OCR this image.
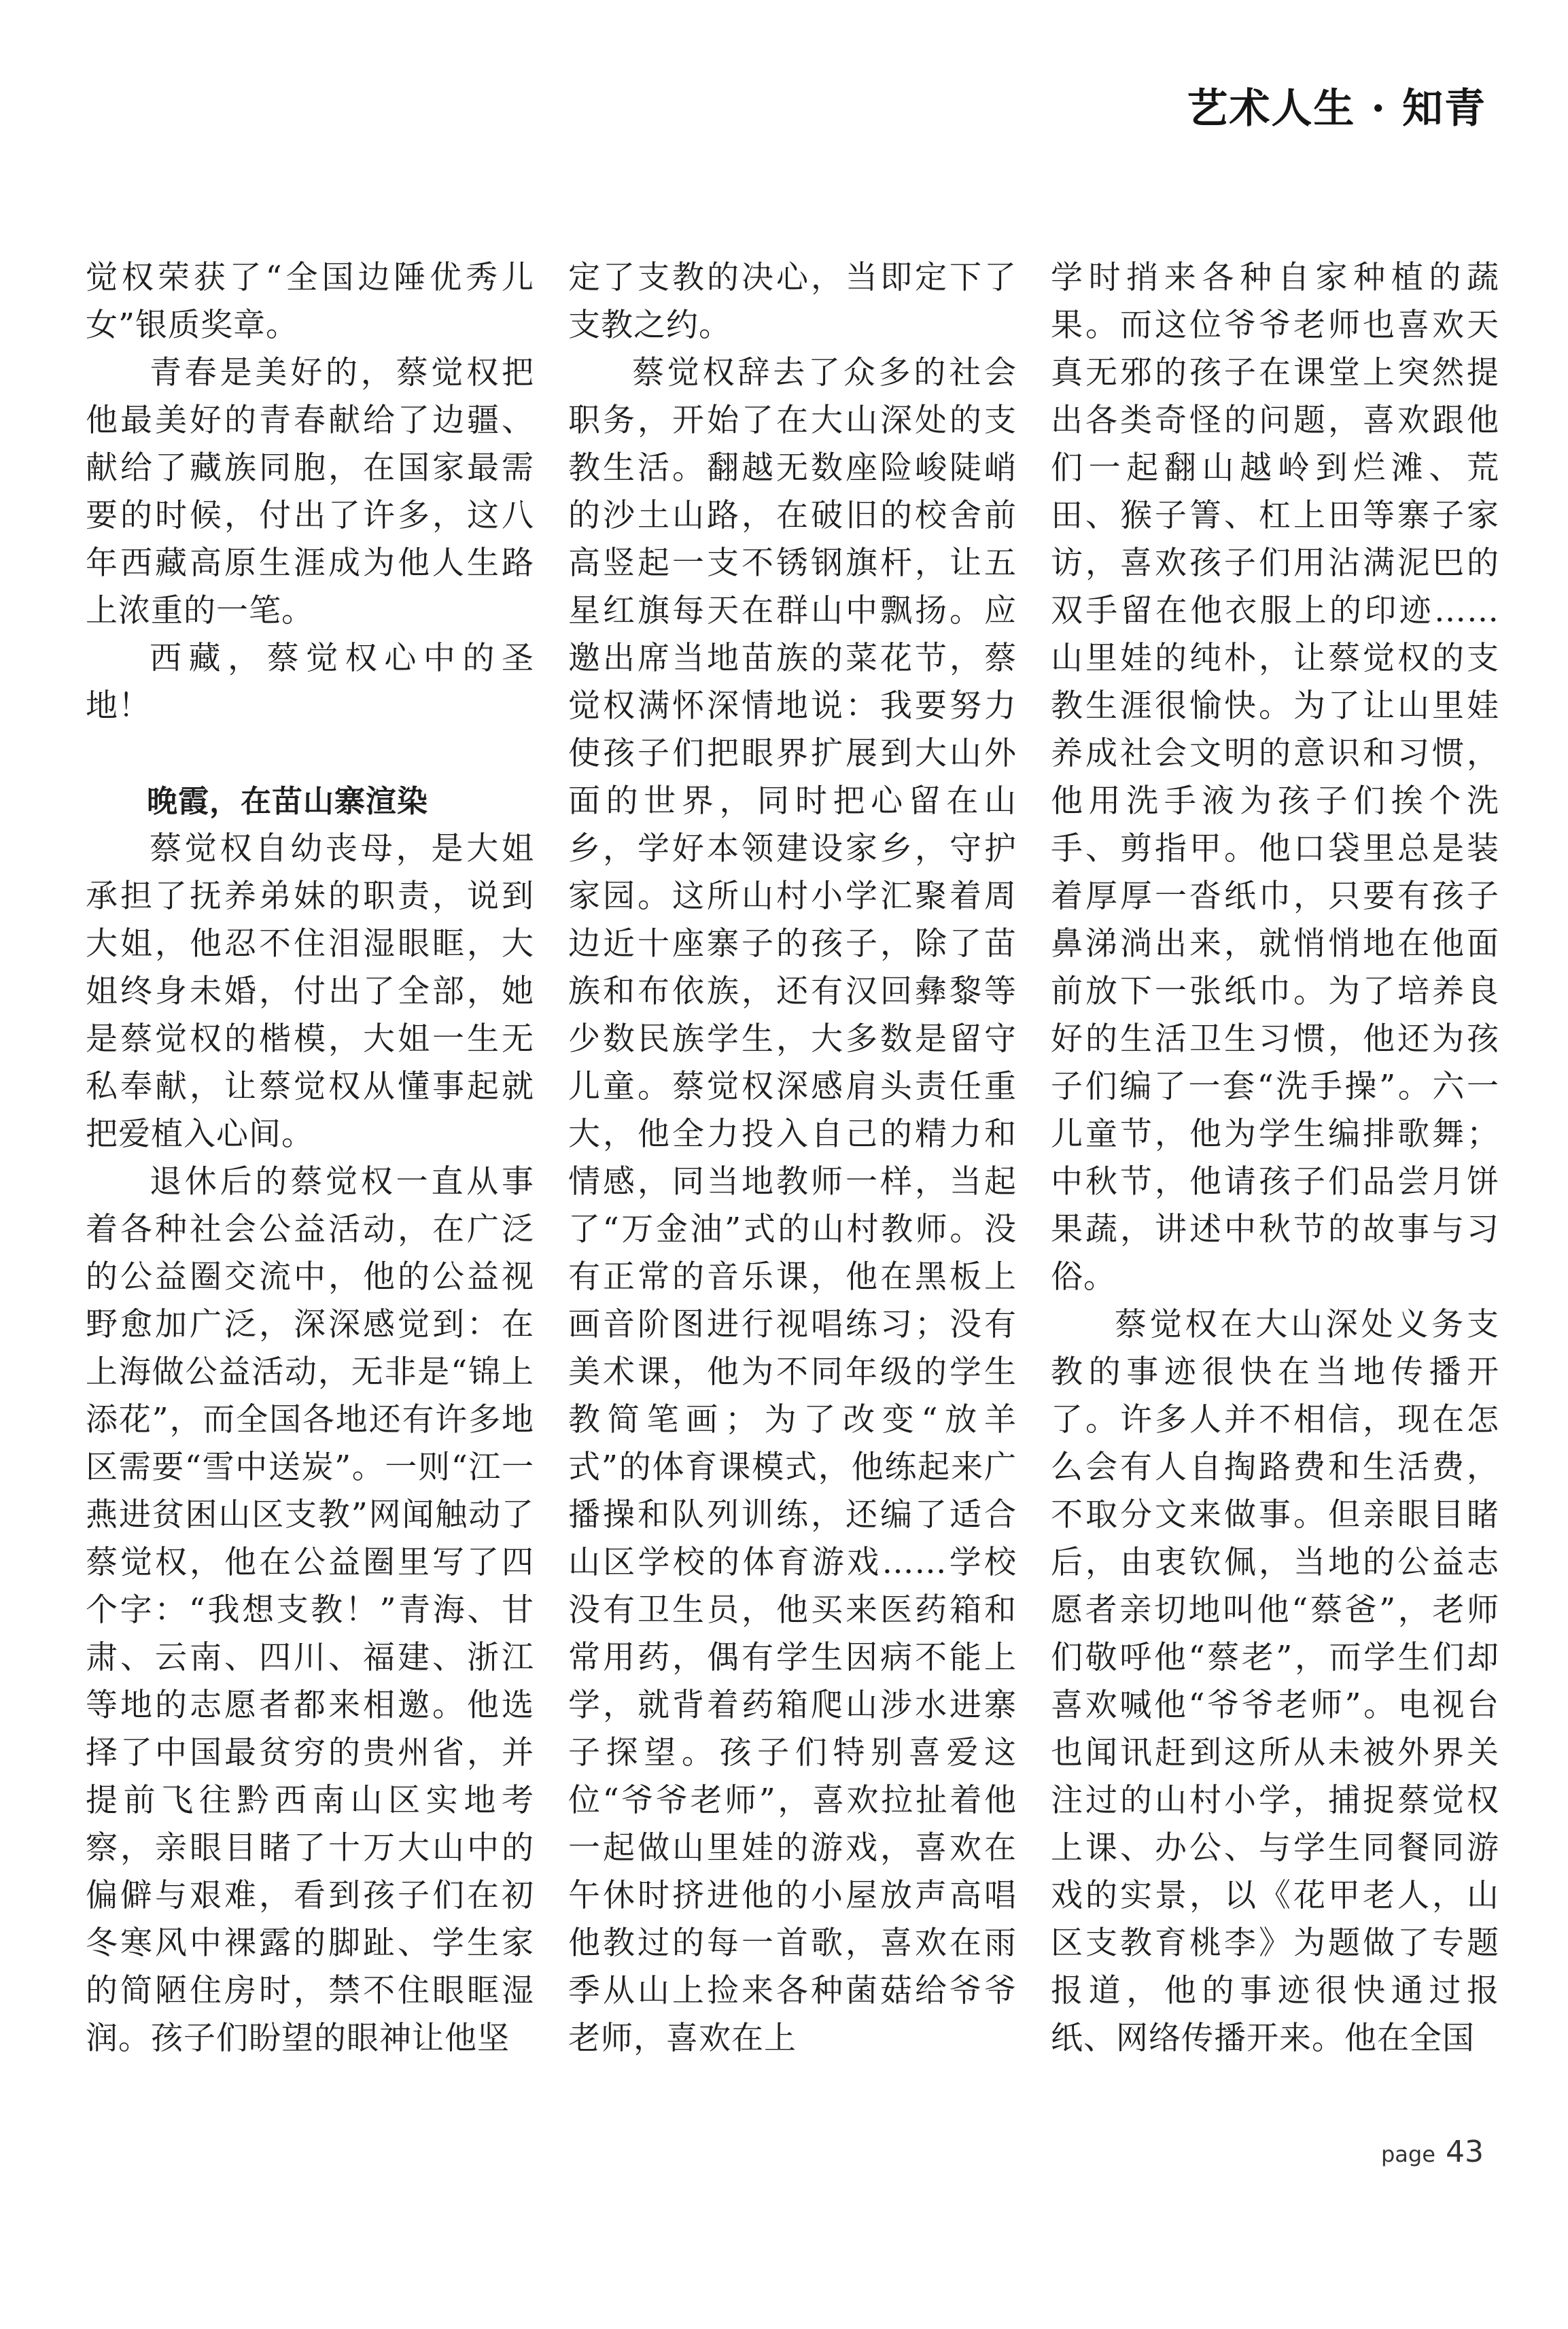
艺术人生 · 知青

觉权荣获了“全国边陲优秀儿女”银质奖章。

青春是美好的，蔡觉权把他最美好的青春献给了边疆、献给了藏族同胞，在国家最需要的时候，付出了许多，这八年西藏高原生涯成为他人生路上浓重的一笔。

西藏，蔡觉权心中的圣地！

晚霞，在苗山寨渲染

蔡觉权自幼丧母，是大姐承担了抚养弟妹的职责，说到大姐，他忍不住泪湿眼眶，大姐终身未婚，付出了全部，她是蔡觉权的楷模，大姐一生无私奉献，让蔡觉权从懂事起就把爱植入心间。

退休后的蔡觉权一直从事着各种社会公益活动，在广泛的公益圈交流中，他的公益视野愈加广泛，深深感觉到：在上海做公益活动，无非是“锦上添花”，而全国各地还有许多地区需要“雪中送炭”。一则“江一燕进贫困山区支教”网闻触动了蔡觉权，他在公益圈里写了四个字：“我想支教！”青海、甘肃、云南、四川、福建、浙江等地的志愿者都来相邀。他选择了中国最贫穷的贵州省，并提前飞往黔西南山区实地考察，亲眼目睹了十万大山中的偏僻与艰难，看到孩子们在初冬寒风中裸露的脚趾、学生家的简陋住房时，禁不住眼眶湿润。孩子们盼望的眼神让他坚

定了支教的决心，当即定下了支教之约。

蔡觉权辞去了众多的社会职务，开始了在大山深处的支教生活。翻越无数座险峻陡峭的沙土山路，在破旧的校舍前高竖起一支不锈钢旗杆，让五星红旗每天在群山中飘扬。应邀出席当地苗族的菜花节，蔡觉权满怀深情地说：我要努力使孩子们把眼界扩展到大山外面的世界，同时把心留在山乡，学好本领建设家乡，守护家园。这所山村小学汇聚着周边近十座寨子的孩子，除了苗族和布依族，还有汉回彝黎等少数民族学生，大多数是留守儿童。蔡觉权深感肩头责任重大，他全力投入自己的精力和情感，同当地教师一样，当起了“万金油”式的山村教师。没有正常的音乐课，他在黑板上画音阶图进行视唱练习；没有美术课，他为不同年级的学生教简笔画；为了改变“放羊式”的体育课模式，他练起来广播操和队列训练，还编了适合山区学校的体育游戏……学校没有卫生员，他买来医药箱和常用药，偶有学生因病不能上学，就背着药箱爬山涉水进寨子探望。孩子们特别喜爱这位“爷爷老师”，喜欢拉扯着他一起做山里娃的游戏，喜欢在午休时挤进他的小屋放声高唱他教过的每一首歌，喜欢在雨季从山上捡来各种菌菇给爷爷老师，喜欢在上

学时捎来各种自家种植的蔬果。而这位爷爷老师也喜欢天真无邪的孩子在课堂上突然提出各类奇怪的问题，喜欢跟他们一起翻山越岭到烂滩、荒田、猴子箐、杠上田等寨子家访，喜欢孩子们用沾满泥巴的双手留在他衣服上的印迹……山里娃的纯朴，让蔡觉权的支教生涯很愉快。为了让山里娃养成社会文明的意识和习惯，他用洗手液为孩子们挨个洗手、剪指甲。他口袋里总是装着厚厚一沓纸巾，只要有孩子鼻涕淌出来，就悄悄地在他面前放下一张纸巾。为了培养良好的生活卫生习惯，他还为孩子们编了一套“洗手操”。六一儿童节，他为学生编排歌舞；中秋节，他请孩子们品尝月饼果蔬，讲述中秋节的故事与习俗。

蔡觉权在大山深处义务支教的事迹很快在当地传播开了。许多人并不相信，现在怎么会有人自掏路费和生活费，不取分文来做事。但亲眼目睹后，由衷钦佩，当地的公益志愿者亲切地叫他“蔡爸”，老师们敬呼他“蔡老”，而学生们却喜欢喊他“爷爷老师”。电视台也闻讯赶到这所从未被外界关注过的山村小学，捕捉蔡觉权上课、办公、与学生同餐同游戏的实景，以《花甲老人，山区支教育桃李》为题做了专题报道，他的事迹很快通过报纸、网络传播开来。他在全国

page 43
